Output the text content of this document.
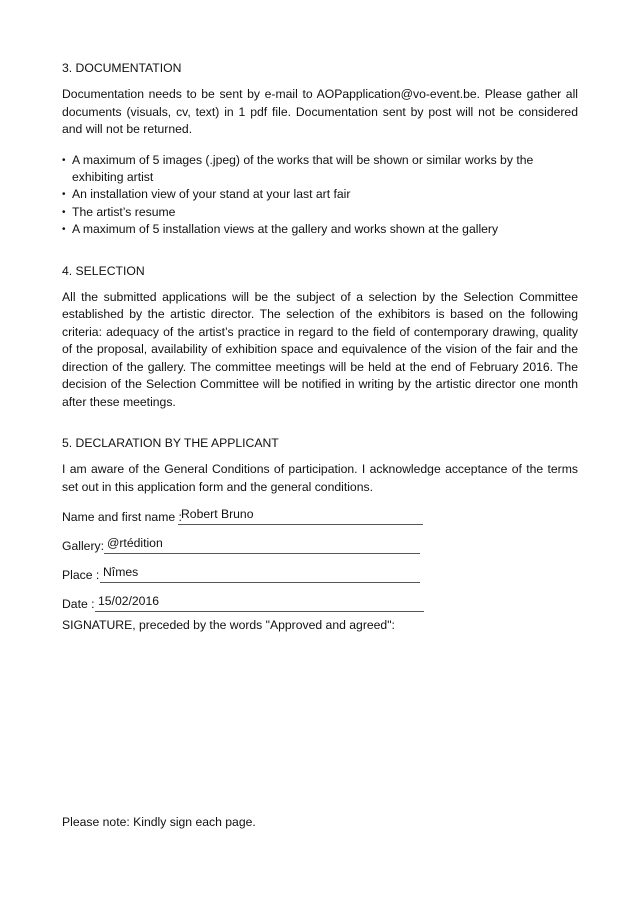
3. DOCUMENTATION

Documentation needs to be sent by e-mail to AOPapplication@vo-event.be. Please gather all documents (visuals, cv, text) in 1 pdf file. Documentation sent by post will not be considered and will not be returned.

• A maximum of 5 images (.jpeg) of the works that will be shown or similar works by the exhibiting artist
• An installation view of your stand at your last art fair
• The artist’s resume
• A maximum of 5 installation views at the gallery and works shown at the gallery
4. SELECTION

All the submitted applications will be the subject of a selection by the Selection Committee established by the artistic director. The selection of the exhibitors is based on the following criteria: adequacy of the artist’s practice in regard to the field of contemporary drawing, quality of the proposal, availability of exhibition space and equivalence of the vision of the fair and the direction of the gallery. The committee meetings will be held at the end of February 2016. The decision of the Selection Committee will be notified in writing by the artistic director one month after these meetings.

5. DECLARATION BY THE APPLICANT

I am aware of the General Conditions of participation. I acknowledge acceptance of the terms set out in this application form and the general conditions.

Name and first name : Robert Bruno
Gallery: @rtédition
Place : Nîmes
Date : 15/02/2016
SIGNATURE, preceded by the words "Approved and agreed":
Please note: Kindly sign each page.
